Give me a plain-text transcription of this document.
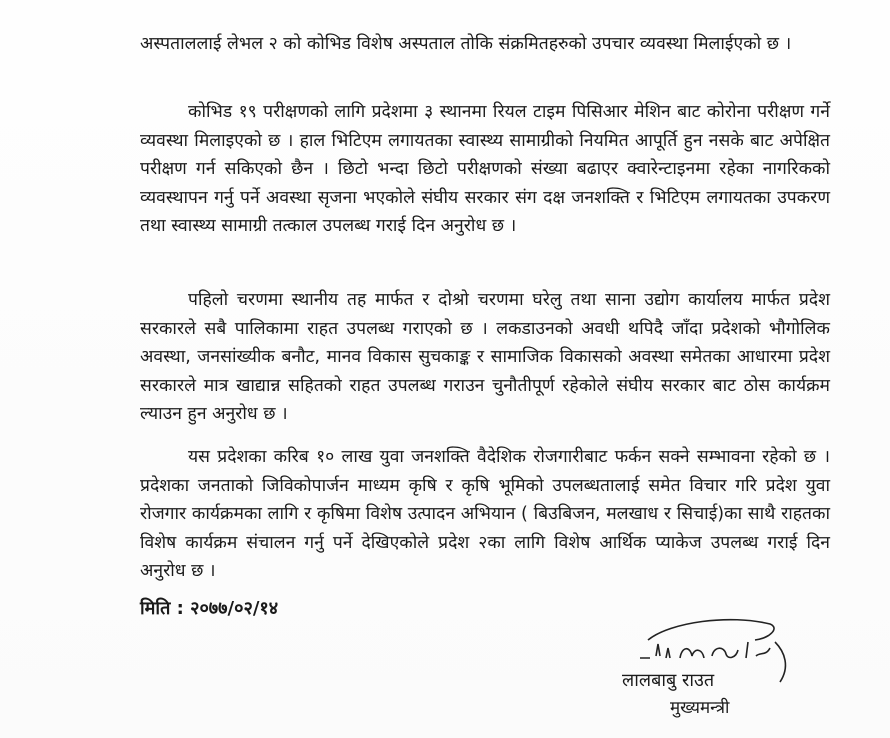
अस्पताललाई लेभल २ को कोभिड विशेष अस्पताल तोकि संक्रमितहरुको उपचार व्यवस्था मिलाईएको छ ।

कोभिड १९ परीक्षणको लागि प्रदेशमा ३ स्थानमा रियल टाइम पिसिआर मेशिन बाट कोरोना परीक्षण गर्ने व्यवस्था मिलाइएको छ । हाल भिटिएम लगायतका स्वास्थ्य सामाग्रीको नियमित आपूर्ति हुन नसके बाट अपेक्षित परीक्षण गर्न सकिएको छैन । छिटो भन्दा छिटो परीक्षणको संख्या बढाएर क्वारेन्टाइनमा रहेका नागरिकको व्यवस्थापन गर्नु पर्ने अवस्था सृजना भएकोले संघीय सरकार संग दक्ष जनशक्ति र भिटिएम लगायतका उपकरण तथा स्वास्थ्य सामाग्री तत्काल उपलब्ध गराई दिन अनुरोध छ ।

पहिलो चरणमा स्थानीय तह मार्फत र दोश्रो चरणमा घरेलु तथा साना उद्योग कार्यालय मार्फत प्रदेश सरकारले सबै पालिकामा राहत उपलब्ध गराएको छ । लकडाउनको अवधी थपिदै जाँदा प्रदेशको भौगोलिक अवस्था, जनसांख्यीक बनौट, मानव विकास सुचकाङ्क र सामाजिक विकासको अवस्था समेतका आधारमा प्रदेश सरकारले मात्र खाद्यान्न सहितको राहत उपलब्ध गराउन चुनौतीपूर्ण रहेकोले संघीय सरकार बाट ठोस कार्यक्रम ल्याउन हुन अनुरोध छ ।

यस प्रदेशका करिब १० लाख युवा जनशक्ति वैदेशिक रोजगारीबाट फर्कन सक्ने सम्भावना रहेको छ । प्रदेशका जनताको जिविकोपार्जन माध्यम कृषि र कृषि भूमिको उपलब्धतालाई समेत विचार गरि प्रदेश युवा रोजगार कार्यक्रमका लागि र कृषिमा विशेष उत्पादन अभियान ( बिउबिजन, मलखाध र सिचाई)का साथै राहतका विशेष कार्यक्रम संचालन गर्नु पर्ने देखिएकोले प्रदेश २का लागि विशेष आर्थिक प्याकेज उपलब्ध गराई दिन अनुरोध छ ।

मिति : २०७७/०२/१४
लालबाबु राउत
मुख्यमन्त्री
